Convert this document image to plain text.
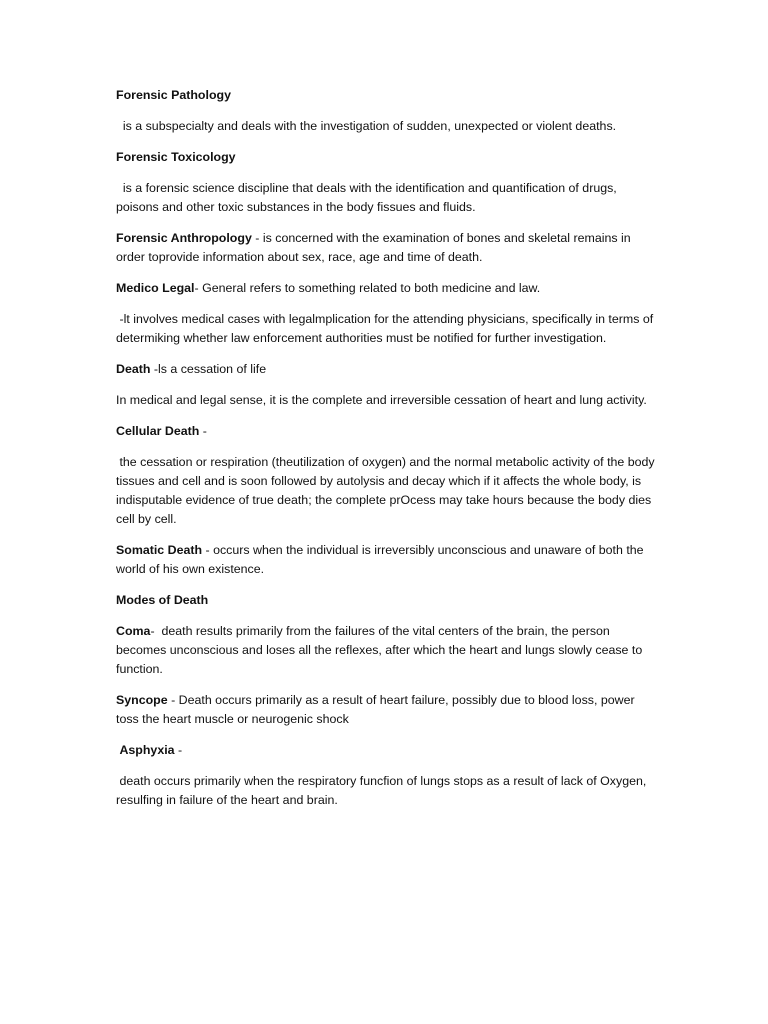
Forensic Pathology

is a subspecialty and deals with the investigation of sudden, unexpected or violent deaths.

Forensic Toxicology

is a forensic science discipline that deals with the identification and quantification of drugs, poisons and other toxic substances in the body fissues and fluids.

Forensic Anthropology - is concerned with the examination of bones and skeletal remains in order toprovide information about sex, race, age and time of death.

Medico Legal- General refers to something related to both medicine and law.

-lt involves medical cases with legalmplication for the attending physicians, specifically in terms of determiking whether law enforcement authorities must be notified for further investigation.

Death -ls a cessation of life

In medical and legal sense, it is the complete and irreversible cessation of heart and lung activity.

Cellular Death -

the cessation or respiration (theutilization of oxygen) and the normal metabolic activity of the body tissues and cell and is soon followed by autolysis and decay which if it affects the whole body, is indisputable evidence of true death; the complete prOcess may take hours because the body dies cell by cell.

Somatic Death - occurs when the individual is irreversibly unconscious and unaware of both the world of his own existence.

Modes of Death

Coma-  death results primarily from the failures of the vital centers of the brain, the person becomes unconscious and loses all the reflexes, after which the heart and lungs slowly cease to function.

Syncope - Death occurs primarily as a result of heart failure, possibly due to blood loss, power toss the heart muscle or neurogenic shock

Asphyxia -

death occurs primarily when the respiratory funcfion of lungs stops as a result of lack of Oxygen, resulfing in failure of the heart and brain.
